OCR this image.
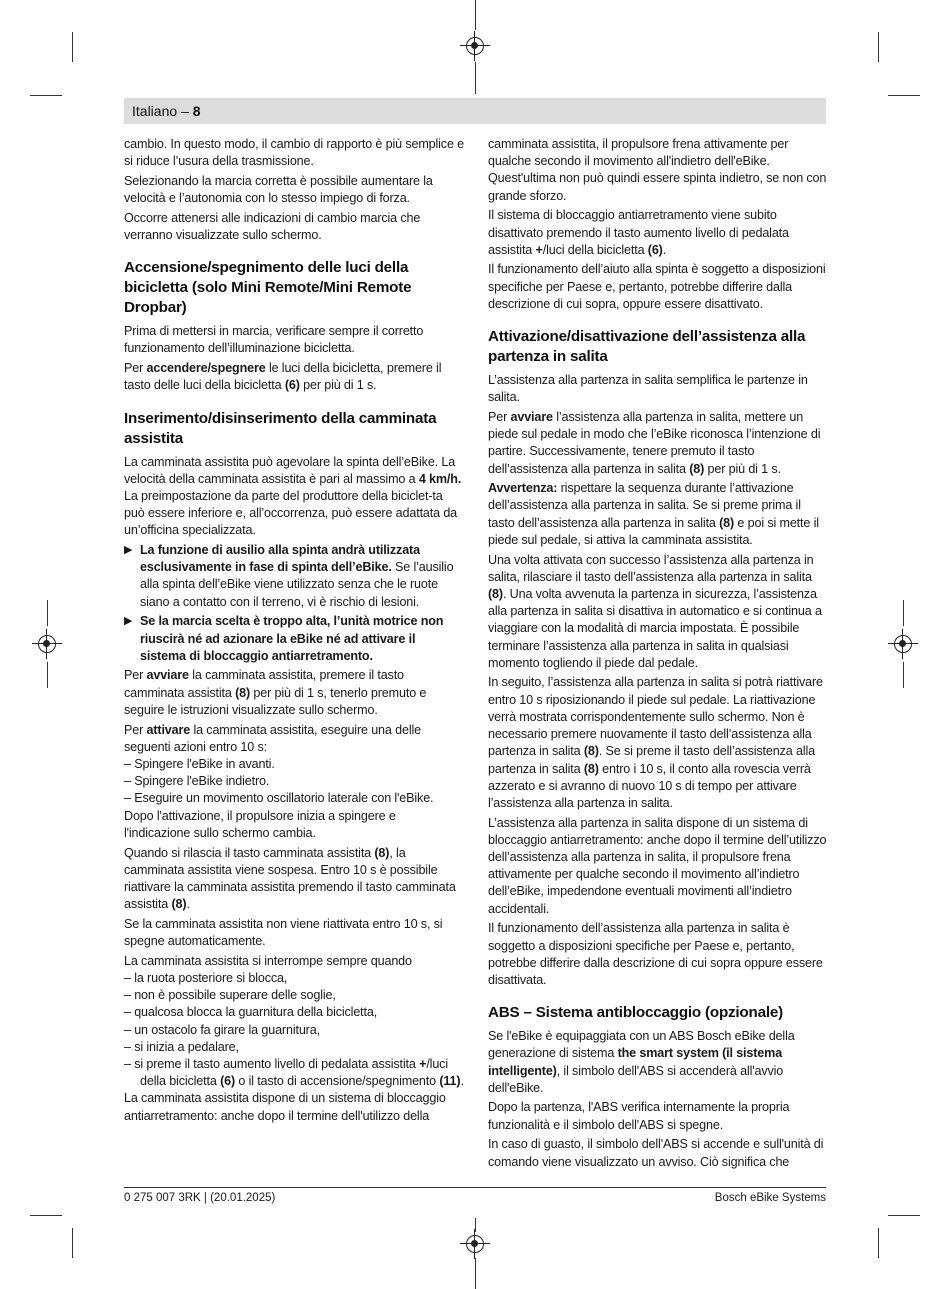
Italiano – 8

cambio. In questo modo, il cambio di rapporto è più semplice e si riduce l’usura della trasmissione.

Selezionando la marcia corretta è possibile aumentare la velocità e l’autonomia con lo stesso impiego di forza.

Occorre attenersi alle indicazioni di cambio marcia che verranno visualizzate sullo schermo.

Accensione/spegnimento delle luci della bicicletta (solo Mini Remote/Mini Remote Dropbar)

Prima di mettersi in marcia, verificare sempre il corretto funzionamento dell’illuminazione bicicletta.

Per accendere/spegnere le luci della bicicletta, premere il tasto delle luci della bicicletta (6) per più di 1 s.

Inserimento/disinserimento della camminata assistita

La camminata assistita può agevolare la spinta dell’eBike. La velocità della camminata assistita è pari al massimo a 4 km/h. La preimpostazione da parte del produttore della biciclet-ta può essere inferiore e, all’occorrenza, può essere adattata da un’officina specializzata.

▶ La funzione di ausilio alla spinta andrà utilizzata esclusivamente in fase di spinta dell’eBike. Se l’ausilio alla spinta dell’eBike viene utilizzato senza che le ruote siano a contatto con il terreno, vi è rischio di lesioni.
▶ Se la marcia scelta è troppo alta, l’unità motrice non riuscirà né ad azionare la eBike né ad attivare il sistema di bloccaggio antiarretramento.

Per avviare la camminata assistita, premere il tasto camminata assistita (8) per più di 1 s, tenerlo premuto e seguire le istruzioni visualizzate sullo schermo.

Per attivare la camminata assistita, eseguire una delle seguenti azioni entro 10 s:

– Spingere l'eBike in avanti.

– Spingere l'eBike indietro.

– Eseguire un movimento oscillatorio laterale con l'eBike.

Dopo l'attivazione, il propulsore inizia a spingere e l'indicazione sullo schermo cambia.

Quando si rilascia il tasto camminata assistita (8), la camminata assistita viene sospesa. Entro 10 s è possibile riattivare la camminata assistita premendo il tasto camminata assistita (8).

Se la camminata assistita non viene riattivata entro 10 s, si spegne automaticamente.

La camminata assistita si interrompe sempre quando

– la ruota posteriore si blocca,

– non è possibile superare delle soglie,

– qualcosa blocca la guarnitura della bicicletta,

– un ostacolo fa girare la guarnitura,

– si inizia a pedalare,

– si preme il tasto aumento livello di pedalata assistita +/luci della bicicletta (6) o il tasto di accensione/spegnimento (11).

La camminata assistita dispone di un sistema di bloccaggio antiarretramento: anche dopo il termine dell'utilizzo della

camminata assistita, il propulsore frena attivamente per qualche secondo il movimento all'indietro dell'eBike. Quest'ultima non può quindi essere spinta indietro, se non con grande sforzo.

Il sistema di bloccaggio antiarretramento viene subito disattivato premendo il tasto aumento livello di pedalata assistita +/luci della bicicletta (6).

Il funzionamento dell’aiuto alla spinta è soggetto a disposizioni specifiche per Paese e, pertanto, potrebbe differire dalla descrizione di cui sopra, oppure essere disattivato.

Attivazione/disattivazione dell’assistenza alla partenza in salita

L’assistenza alla partenza in salita semplifica le partenze in salita.

Per avviare l’assistenza alla partenza in salita, mettere un piede sul pedale in modo che l’eBike riconosca l’intenzione di partire. Successivamente, tenere premuto il tasto dell’assistenza alla partenza in salita (8) per più di 1 s.

Avvertenza: rispettare la sequenza durante l’attivazione dell’assistenza alla partenza in salita. Se si preme prima il tasto dell’assistenza alla partenza in salita (8) e poi si mette il piede sul pedale, si attiva la camminata assistita.

Una volta attivata con successo l’assistenza alla partenza in salita, rilasciare il tasto dell’assistenza alla partenza in salita (8). Una volta avvenuta la partenza in sicurezza, l’assistenza alla partenza in salita si disattiva in automatico e si continua a viaggiare con la modalità di marcia impostata. È possibile terminare l’assistenza alla partenza in salita in qualsiasi momento togliendo il piede dal pedale.

In seguito, l’assistenza alla partenza in salita si potrà riattivare entro 10 s riposizionando il piede sul pedale. La riattivazione verrà mostrata corrispondentemente sullo schermo. Non è necessario premere nuovamente il tasto dell’assistenza alla partenza in salita (8). Se si preme il tasto dell’assistenza alla partenza in salita (8) entro i 10 s, il conto alla rovescia verrà azzerato e si avranno di nuovo 10 s di tempo per attivare l’assistenza alla partenza in salita.

L’assistenza alla partenza in salita dispone di un sistema di bloccaggio antiarretramento: anche dopo il termine dell’utilizzo dell’assistenza alla partenza in salita, il propulsore frena attivamente per qualche secondo il movimento all’indietro dell’eBike, impedendone eventuali movimenti all’indietro accidentali.

Il funzionamento dell’assistenza alla partenza in salita è soggetto a disposizioni specifiche per Paese e, pertanto, potrebbe differire dalla descrizione di cui sopra oppure essere disattivata.

ABS – Sistema antibloccaggio (opzionale)

Se l'eBike è equipaggiata con un ABS Bosch eBike della generazione di sistema the smart system (il sistema intelligente), il simbolo dell'ABS si accenderà all'avvio dell'eBike.

Dopo la partenza, l'ABS verifica internamente la propria funzionalità e il simbolo dell'ABS si spegne.

In caso di guasto, il simbolo dell'ABS si accende e sull'unità di comando viene visualizzato un avviso. Ciò significa che

0 275 007 3RK | (20.01.2025)	Bosch eBike Systems
